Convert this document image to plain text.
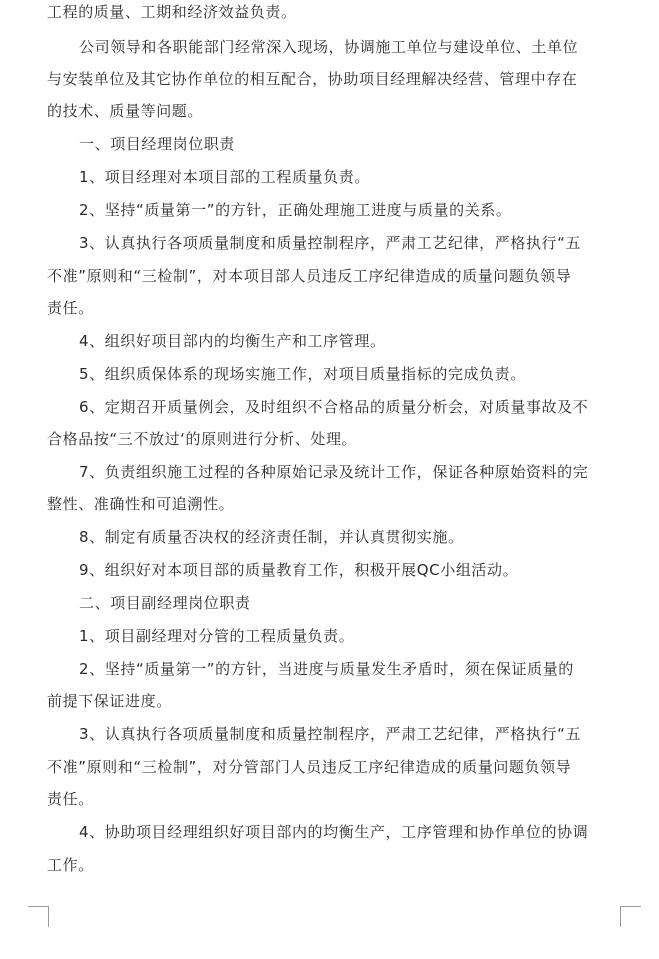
工程的质量、工期和经济效益负责。
公司领导和各职能部门经常深入现场，协调施工单位与建设单位、土单位
与安装单位及其它协作单位的相互配合，协助项目经理解决经营、管理中存在
的技术、质量等问题。
一、项目经理岗位职责
1、项目经理对本项目部的工程质量负责。
2、坚持“质量第一”的方针，正确处理施工进度与质量的关系。
3、认真执行各项质量制度和质量控制程序，严肃工艺纪律，严格执行“五
不准”原则和“三检制”，对本项目部人员违反工序纪律造成的质量问题负领导
责任。
4、组织好项目部内的均衡生产和工序管理。
5、组织质保体系的现场实施工作，对项目质量指标的完成负责。
6、定期召开质量例会，及时组织不合格品的质量分析会，对质量事故及不
合格品按“三不放过‘的原则进行分析、处理。
7、负责组织施工过程的各种原始记录及统计工作，保证各种原始资料的完
整性、准确性和可追溯性。
8、制定有质量否决权的经济责任制，并认真贯彻实施。
9、组织好对本项目部的质量教育工作，积极开展QC小组活动。
二、项目副经理岗位职责
1、项目副经理对分管的工程质量负责。
2、坚持“质量第一”的方针，当进度与质量发生矛盾时，须在保证质量的
前提下保证进度。
3、认真执行各项质量制度和质量控制程序，严肃工艺纪律，严格执行“五
不准”原则和“三检制”，对分管部门人员违反工序纪律造成的质量问题负领导
责任。
4、协助项目经理组织好项目部内的均衡生产，工序管理和协作单位的协调
工作。
